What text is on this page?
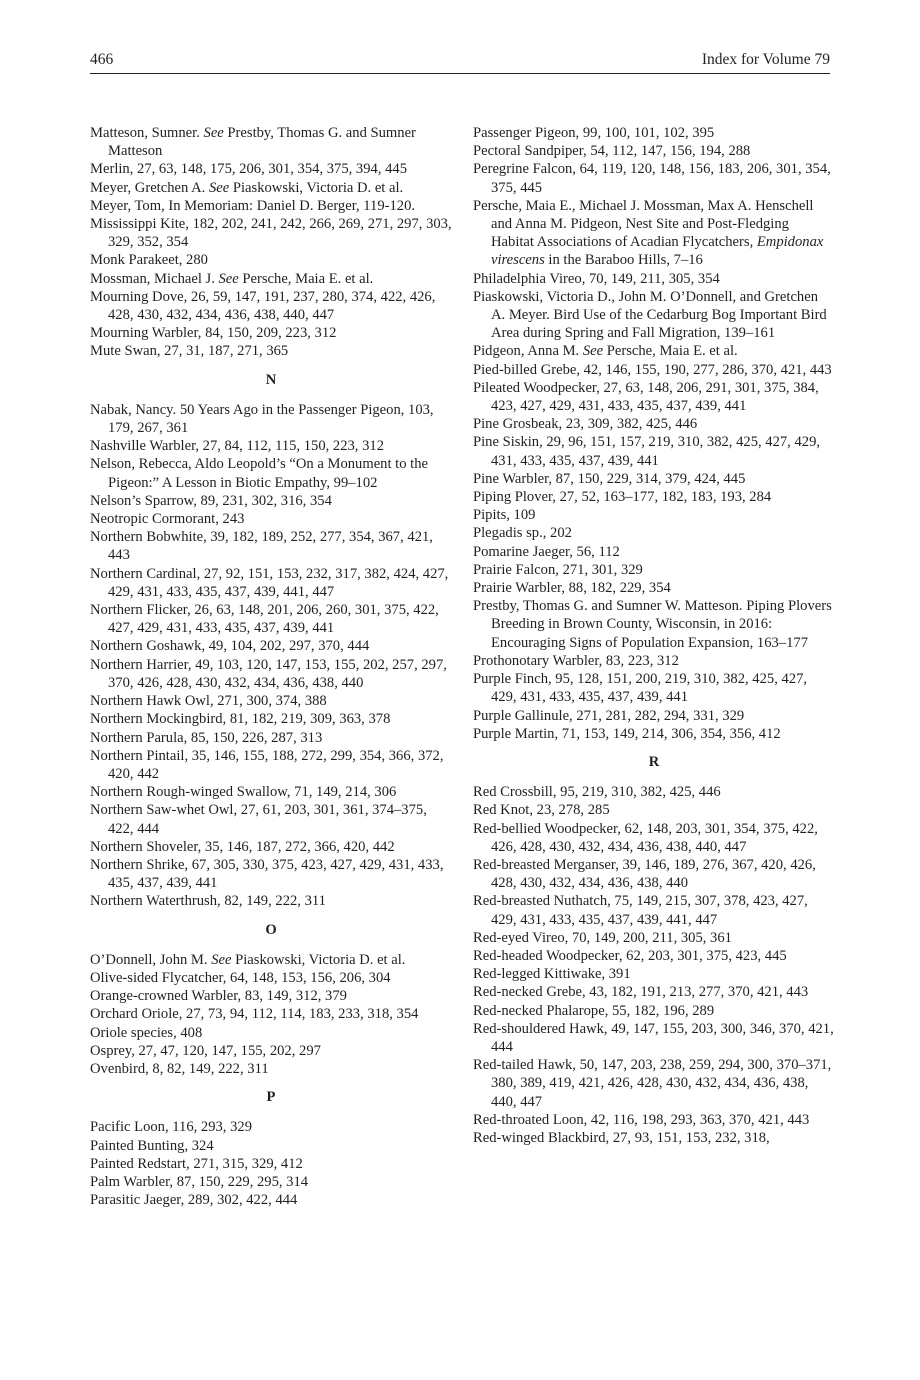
466	Index for Volume 79
Matteson, Sumner. See Prestby, Thomas G. and Sumner Matteson
Merlin, 27, 63, 148, 175, 206, 301, 354, 375, 394, 445
Meyer, Gretchen A. See Piaskowski, Victoria D. et al.
Meyer, Tom, In Memoriam: Daniel D. Berger, 119-120.
Mississippi Kite, 182, 202, 241, 242, 266, 269, 271, 297, 303, 329, 352, 354
Monk Parakeet, 280
Mossman, Michael J. See Persche, Maia E. et al.
Mourning Dove, 26, 59, 147, 191, 237, 280, 374, 422, 426, 428, 430, 432, 434, 436, 438, 440, 447
Mourning Warbler, 84, 150, 209, 223, 312
Mute Swan, 27, 31, 187, 271, 365
N
Nabak, Nancy. 50 Years Ago in the Passenger Pigeon, 103, 179, 267, 361
Nashville Warbler, 27, 84, 112, 115, 150, 223, 312
Nelson, Rebecca, Aldo Leopold’s “On a Monument to the Pigeon:” A Lesson in Biotic Empathy, 99–102
Nelson’s Sparrow, 89, 231, 302, 316, 354
Neotropic Cormorant, 243
Northern Bobwhite, 39, 182, 189, 252, 277, 354, 367, 421, 443
Northern Cardinal, 27, 92, 151, 153, 232, 317, 382, 424, 427, 429, 431, 433, 435, 437, 439, 441, 447
Northern Flicker, 26, 63, 148, 201, 206, 260, 301, 375, 422, 427, 429, 431, 433, 435, 437, 439, 441
Northern Goshawk, 49, 104, 202, 297, 370, 444
Northern Harrier, 49, 103, 120, 147, 153, 155, 202, 257, 297, 370, 426, 428, 430, 432, 434, 436, 438, 440
Northern Hawk Owl, 271, 300, 374, 388
Northern Mockingbird, 81, 182, 219, 309, 363, 378
Northern Parula, 85, 150, 226, 287, 313
Northern Pintail, 35, 146, 155, 188, 272, 299, 354, 366, 372, 420, 442
Northern Rough-winged Swallow, 71, 149, 214, 306
Northern Saw-whet Owl, 27, 61, 203, 301, 361, 374–375, 422, 444
Northern Shoveler, 35, 146, 187, 272, 366, 420, 442
Northern Shrike, 67, 305, 330, 375, 423, 427, 429, 431, 433, 435, 437, 439, 441
Northern Waterthrush, 82, 149, 222, 311
O
O’Donnell, John M. See Piaskowski, Victoria D. et al.
Olive-sided Flycatcher, 64, 148, 153, 156, 206, 304
Orange-crowned Warbler, 83, 149, 312, 379
Orchard Oriole, 27, 73, 94, 112, 114, 183, 233, 318, 354
Oriole species, 408
Osprey, 27, 47, 120, 147, 155, 202, 297
Ovenbird, 8, 82, 149, 222, 311
P
Pacific Loon, 116, 293, 329
Painted Bunting, 324
Painted Redstart, 271, 315, 329, 412
Palm Warbler, 87, 150, 229, 295, 314
Parasitic Jaeger, 289, 302, 422, 444
Passenger Pigeon, 99, 100, 101, 102, 395
Pectoral Sandpiper, 54, 112, 147, 156, 194, 288
Peregrine Falcon, 64, 119, 120, 148, 156, 183, 206, 301, 354, 375, 445
Persche, Maia E., Michael J. Mossman, Max A. Henschell and Anna M. Pidgeon, Nest Site and Post-Fledging Habitat Associations of Acadian Flycatchers, Empidonax virescens in the Baraboo Hills, 7–16
Philadelphia Vireo, 70, 149, 211, 305, 354
Piaskowski, Victoria D., John M. O’Donnell, and Gretchen A. Meyer. Bird Use of the Cedarburg Bog Important Bird Area during Spring and Fall Migration, 139–161
Pidgeon, Anna M. See Persche, Maia E. et al.
Pied-billed Grebe, 42, 146, 155, 190, 277, 286, 370, 421, 443
Pileated Woodpecker, 27, 63, 148, 206, 291, 301, 375, 384, 423, 427, 429, 431, 433, 435, 437, 439, 441
Pine Grosbeak, 23, 309, 382, 425, 446
Pine Siskin, 29, 96, 151, 157, 219, 310, 382, 425, 427, 429, 431, 433, 435, 437, 439, 441
Pine Warbler, 87, 150, 229, 314, 379, 424, 445
Piping Plover, 27, 52, 163–177, 182, 183, 193, 284
Pipits, 109
Plegadis sp., 202
Pomarine Jaeger, 56, 112
Prairie Falcon, 271, 301, 329
Prairie Warbler, 88, 182, 229, 354
Prestby, Thomas G. and Sumner W. Matteson. Piping Plovers Breeding in Brown County, Wisconsin, in 2016: Encouraging Signs of Population Expansion, 163–177
Prothonotary Warbler, 83, 223, 312
Purple Finch, 95, 128, 151, 200, 219, 310, 382, 425, 427, 429, 431, 433, 435, 437, 439, 441
Purple Gallinule, 271, 281, 282, 294, 331, 329
Purple Martin, 71, 153, 149, 214, 306, 354, 356, 412
R
Red Crossbill, 95, 219, 310, 382, 425, 446
Red Knot, 23, 278, 285
Red-bellied Woodpecker, 62, 148, 203, 301, 354, 375, 422, 426, 428, 430, 432, 434, 436, 438, 440, 447
Red-breasted Merganser, 39, 146, 189, 276, 367, 420, 426, 428, 430, 432, 434, 436, 438, 440
Red-breasted Nuthatch, 75, 149, 215, 307, 378, 423, 427, 429, 431, 433, 435, 437, 439, 441, 447
Red-eyed Vireo, 70, 149, 200, 211, 305, 361
Red-headed Woodpecker, 62, 203, 301, 375, 423, 445
Red-legged Kittiwake, 391
Red-necked Grebe, 43, 182, 191, 213, 277, 370, 421, 443
Red-necked Phalarope, 55, 182, 196, 289
Red-shouldered Hawk, 49, 147, 155, 203, 300, 346, 370, 421, 444
Red-tailed Hawk, 50, 147, 203, 238, 259, 294, 300, 370–371, 380, 389, 419, 421, 426, 428, 430, 432, 434, 436, 438, 440, 447
Red-throated Loon, 42, 116, 198, 293, 363, 370, 421, 443
Red-winged Blackbird, 27, 93, 151, 153, 232, 318,
